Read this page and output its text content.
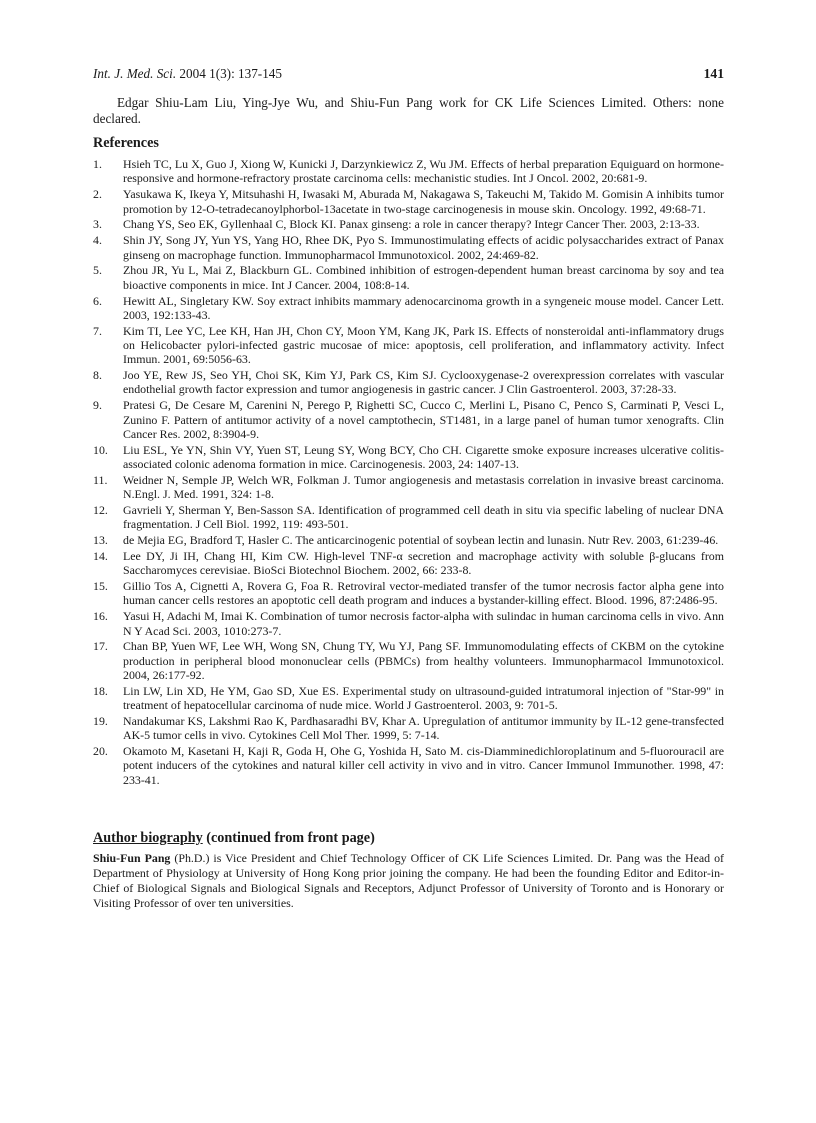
Int. J. Med. Sci. 2004 1(3): 137-145	141

Edgar Shiu-Lam Liu, Ying-Jye Wu, and Shiu-Fun Pang work for CK Life Sciences Limited. Others: none declared.

References
1.	Hsieh TC, Lu X, Guo J, Xiong W, Kunicki J, Darzynkiewicz Z, Wu JM. Effects of herbal preparation Equiguard on hormone-responsive and hormone-refractory prostate carcinoma cells: mechanistic studies. Int J Oncol. 2002, 20:681-9.
2.	Yasukawa K, Ikeya Y, Mitsuhashi H, Iwasaki M, Aburada M, Nakagawa S, Takeuchi M, Takido M. Gomisin A inhibits tumor promotion by 12-O-tetradecanoylphorbol-13acetate in two-stage carcinogenesis in mouse skin. Oncology. 1992, 49:68-71.
3.	Chang YS, Seo EK, Gyllenhaal C, Block KI. Panax ginseng: a role in cancer therapy? Integr Cancer Ther. 2003, 2:13-33.
4.	Shin JY, Song JY, Yun YS, Yang HO, Rhee DK, Pyo S. Immunostimulating effects of acidic polysaccharides extract of Panax ginseng on macrophage function. Immunopharmacol Immunotoxicol. 2002, 24:469-82.
5.	Zhou JR, Yu L, Mai Z, Blackburn GL. Combined inhibition of estrogen-dependent human breast carcinoma by soy and tea bioactive components in mice. Int J Cancer. 2004, 108:8-14.
6.	Hewitt AL, Singletary KW. Soy extract inhibits mammary adenocarcinoma growth in a syngeneic mouse model. Cancer Lett. 2003, 192:133-43.
7.	Kim TI, Lee YC, Lee KH, Han JH, Chon CY, Moon YM, Kang JK, Park IS. Effects of nonsteroidal anti-inflammatory drugs on Helicobacter pylori-infected gastric mucosae of mice: apoptosis, cell proliferation, and inflammatory activity. Infect Immun. 2001, 69:5056-63.
8.	Joo YE, Rew JS, Seo YH, Choi SK, Kim YJ, Park CS, Kim SJ. Cyclooxygenase-2 overexpression correlates with vascular endothelial growth factor expression and tumor angiogenesis in gastric cancer. J Clin Gastroenterol. 2003, 37:28-33.
9.	Pratesi G, De Cesare M, Carenini N, Perego P, Righetti SC, Cucco C, Merlini L, Pisano C, Penco S, Carminati P, Vesci L, Zunino F. Pattern of antitumor activity of a novel camptothecin, ST1481, in a large panel of human tumor xenografts. Clin Cancer Res. 2002, 8:3904-9.
10.	Liu ESL, Ye YN, Shin VY, Yuen ST, Leung SY, Wong BCY, Cho CH. Cigarette smoke exposure increases ulcerative colitis-associated colonic adenoma formation in mice. Carcinogenesis. 2003, 24: 1407-13.
11.	Weidner N, Semple JP, Welch WR, Folkman J. Tumor angiogenesis and metastasis correlation in invasive breast carcinoma. N.Engl. J. Med. 1991, 324: 1-8.
12.	Gavrieli Y, Sherman Y, Ben-Sasson SA. Identification of programmed cell death in situ via specific labeling of nuclear DNA fragmentation. J Cell Biol. 1992, 119: 493-501.
13.	de Mejia EG, Bradford T, Hasler C. The anticarcinogenic potential of soybean lectin and lunasin. Nutr Rev. 2003, 61:239-46.
14.	Lee DY, Ji IH, Chang HI, Kim CW. High-level TNF-α secretion and macrophage activity with soluble β-glucans from Saccharomyces cerevisiae. BioSci Biotechnol Biochem. 2002, 66: 233-8.
15.	Gillio Tos A, Cignetti A, Rovera G, Foa R. Retroviral vector-mediated transfer of the tumor necrosis factor alpha gene into human cancer cells restores an apoptotic cell death program and induces a bystander-killing effect. Blood. 1996, 87:2486-95.
16.	Yasui H, Adachi M, Imai K. Combination of tumor necrosis factor-alpha with sulindac in human carcinoma cells in vivo. Ann N Y Acad Sci. 2003, 1010:273-7.
17.	Chan BP, Yuen WF, Lee WH, Wong SN, Chung TY, Wu YJ, Pang SF. Immunomodulating effects of CKBM on the cytokine production in peripheral blood mononuclear cells (PBMCs) from healthy volunteers. Immunopharmacol Immunotoxicol. 2004, 26:177-92.
18.	Lin LW, Lin XD, He YM, Gao SD, Xue ES. Experimental study on ultrasound-guided intratumoral injection of "Star-99" in treatment of hepatocellular carcinoma of nude mice. World J Gastroenterol. 2003, 9: 701-5.
19.	Nandakumar KS, Lakshmi Rao K, Pardhasaradhi BV, Khar A. Upregulation of antitumor immunity by IL-12 gene-transfected AK-5 tumor cells in vivo. Cytokines Cell Mol Ther. 1999, 5: 7-14.
20.	Okamoto M, Kasetani H, Kaji R, Goda H, Ohe G, Yoshida H, Sato M. cis-Diamminedichloroplatinum and 5-fluorouracil are potent inducers of the cytokines and natural killer cell activity in vivo and in vitro. Cancer Immunol Immunother. 1998, 47: 233-41.
Author biography (continued from front page)

Shiu-Fun Pang (Ph.D.) is Vice President and Chief Technology Officer of CK Life Sciences Limited. Dr. Pang was the Head of Department of Physiology at University of Hong Kong prior joining the company. He had been the founding Editor and Editor-in-Chief of Biological Signals and Biological Signals and Receptors, Adjunct Professor of University of Toronto and is Honorary or Visiting Professor of over ten universities.
